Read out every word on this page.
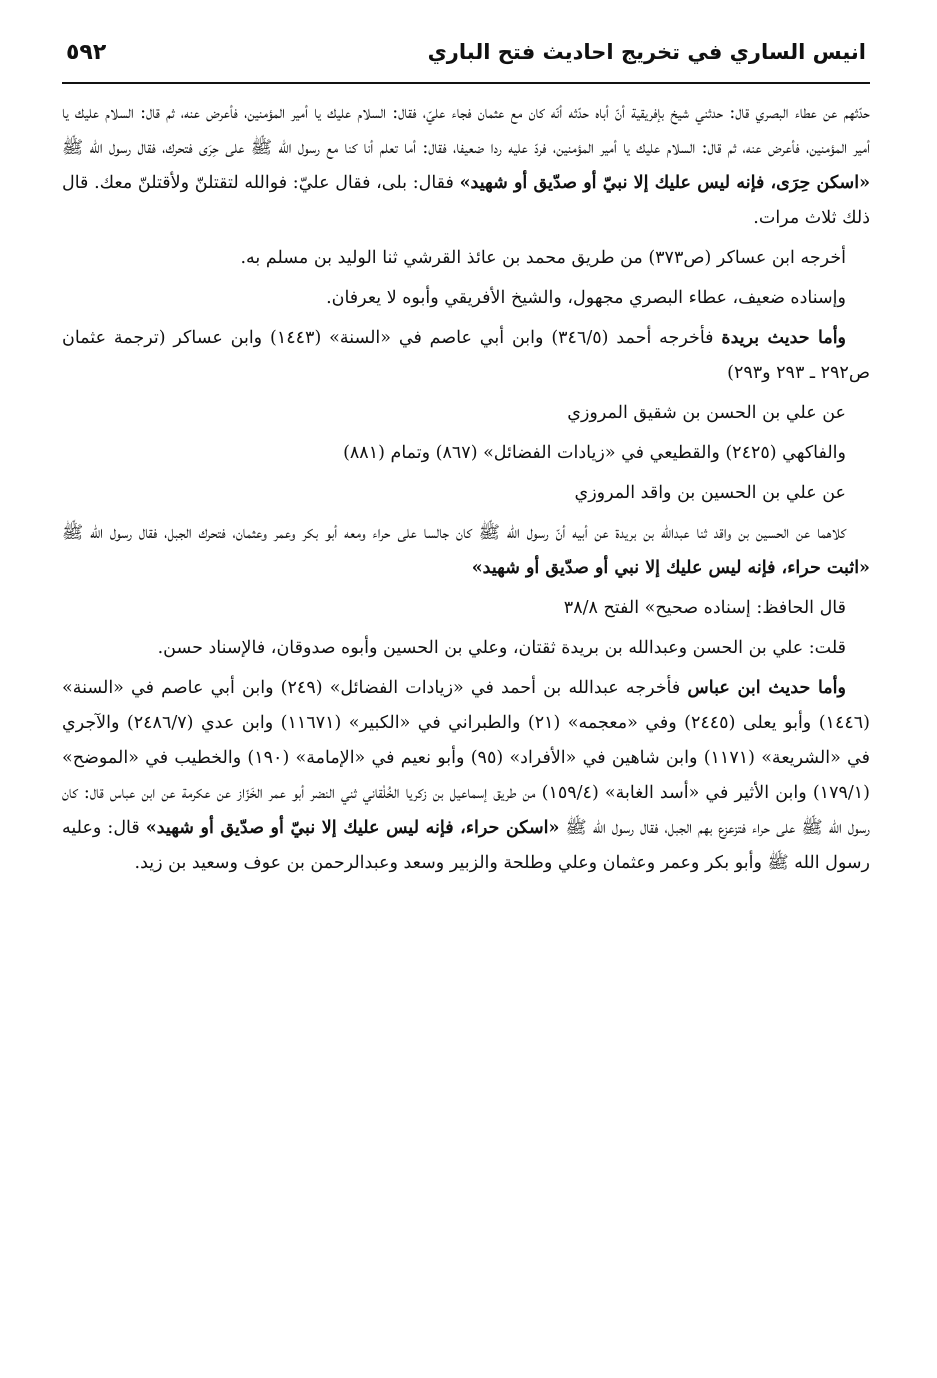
انيس الساري في تخريج احاديث فتح الباري
٥٩٢

حدّثهم عن عطاء البصري قال: حدثني شيخ بإفريقية أنّ أباه حدّثه أنّه كان مع عثمان فجاء عليّ، فقال: السلام عليك يا أمير المؤمنين، فأعرض عنه، ثم قال: السلام عليك يا أمير المؤمنين، فأعرض عنه، ثم قال: السلام عليك يا أمير المؤمنين، فردّ عليه ردا ضعيفا، فقال: أما تعلم أنا كنا مع رسول الله ﷺ على حِرَى فتحرك، فقال رسول الله ﷺ «اسكن حِرَى، فإنه ليس عليك إلا نبيّ أو صدّيق أو شهيد» فقال: بلى، فقال عليّ: فوالله لتقتلنّ ولأقتلنّ معك. قال ذلك ثلاث مرات.

أخرجه ابن عساكر (ص٣٧٣) من طريق محمد بن عائذ القرشي ثنا الوليد بن مسلم به.

وإسناده ضعيف، عطاء البصري مجهول، والشيخ الأفريقي وأبوه لا يعرفان.

وأما حديث بريدة فأخرجه أحمد (٣٤٦/٥) وابن أبي عاصم في «السنة» (١٤٤٣) وابن عساكر (ترجمة عثمان ص٢٩٢ ـ ٢٩٣ و٢٩٣)

عن علي بن الحسن بن شقيق المروزي

والفاكهي (٢٤٢٥) والقطيعي في «زيادات الفضائل» (٨٦٧) وتمام (٨٨١)

عن علي بن الحسين بن واقد المروزي

كلاهما عن الحسين بن واقد ثنا عبدالله بن بريدة عن أبيه أنّ رسول الله ﷺ كان جالسا على حراء ومعه أبو بكر وعمر وعثمان، فتحرك الجبل، فقال رسول الله ﷺ «اثبت حراء، فإنه ليس عليك إلا نبي أو صدّيق أو شهيد»

قال الحافظ: إسناده صحيح» الفتح ٣٨/٨

قلت: علي بن الحسن وعبدالله بن بريدة ثقتان، وعلي بن الحسين وأبوه صدوقان، فالإسناد حسن.

وأما حديث ابن عباس فأخرجه عبدالله بن أحمد في «زيادات الفضائل» (٢٤٩) وابن أبي عاصم في «السنة» (١٤٤٦) وأبو يعلى (٢٤٤٥) وفي «معجمه» (٢١) والطبراني في «الكبير» (١١٦٧١) وابن عدي (٢٤٨٦/٧) والآجري في «الشريعة» (١١٧١) وابن شاهين في «الأفراد» (٩٥) وأبو نعيم في «الإمامة» (١٩٠) والخطيب في «الموضح» (١٧٩/١) وابن الأثير في «أسد الغابة» (١٥٩/٤) من طريق إسماعيل بن زكريا الخُلْقاني ثني النضر أبو عمر الخَزّاز عن عكرمة عن ابن عباس قال: كان رسول الله ﷺ على حراء فتزعزع بهم الجبل، فقال رسول الله ﷺ «اسكن حراء، فإنه ليس عليك إلا نبيّ أو صدّيق أو شهيد» قال: وعليه رسول الله ﷺ وأبو بكر وعمر وعثمان وعلي وطلحة والزبير وسعد وعبدالرحمن بن عوف وسعيد بن زيد.
